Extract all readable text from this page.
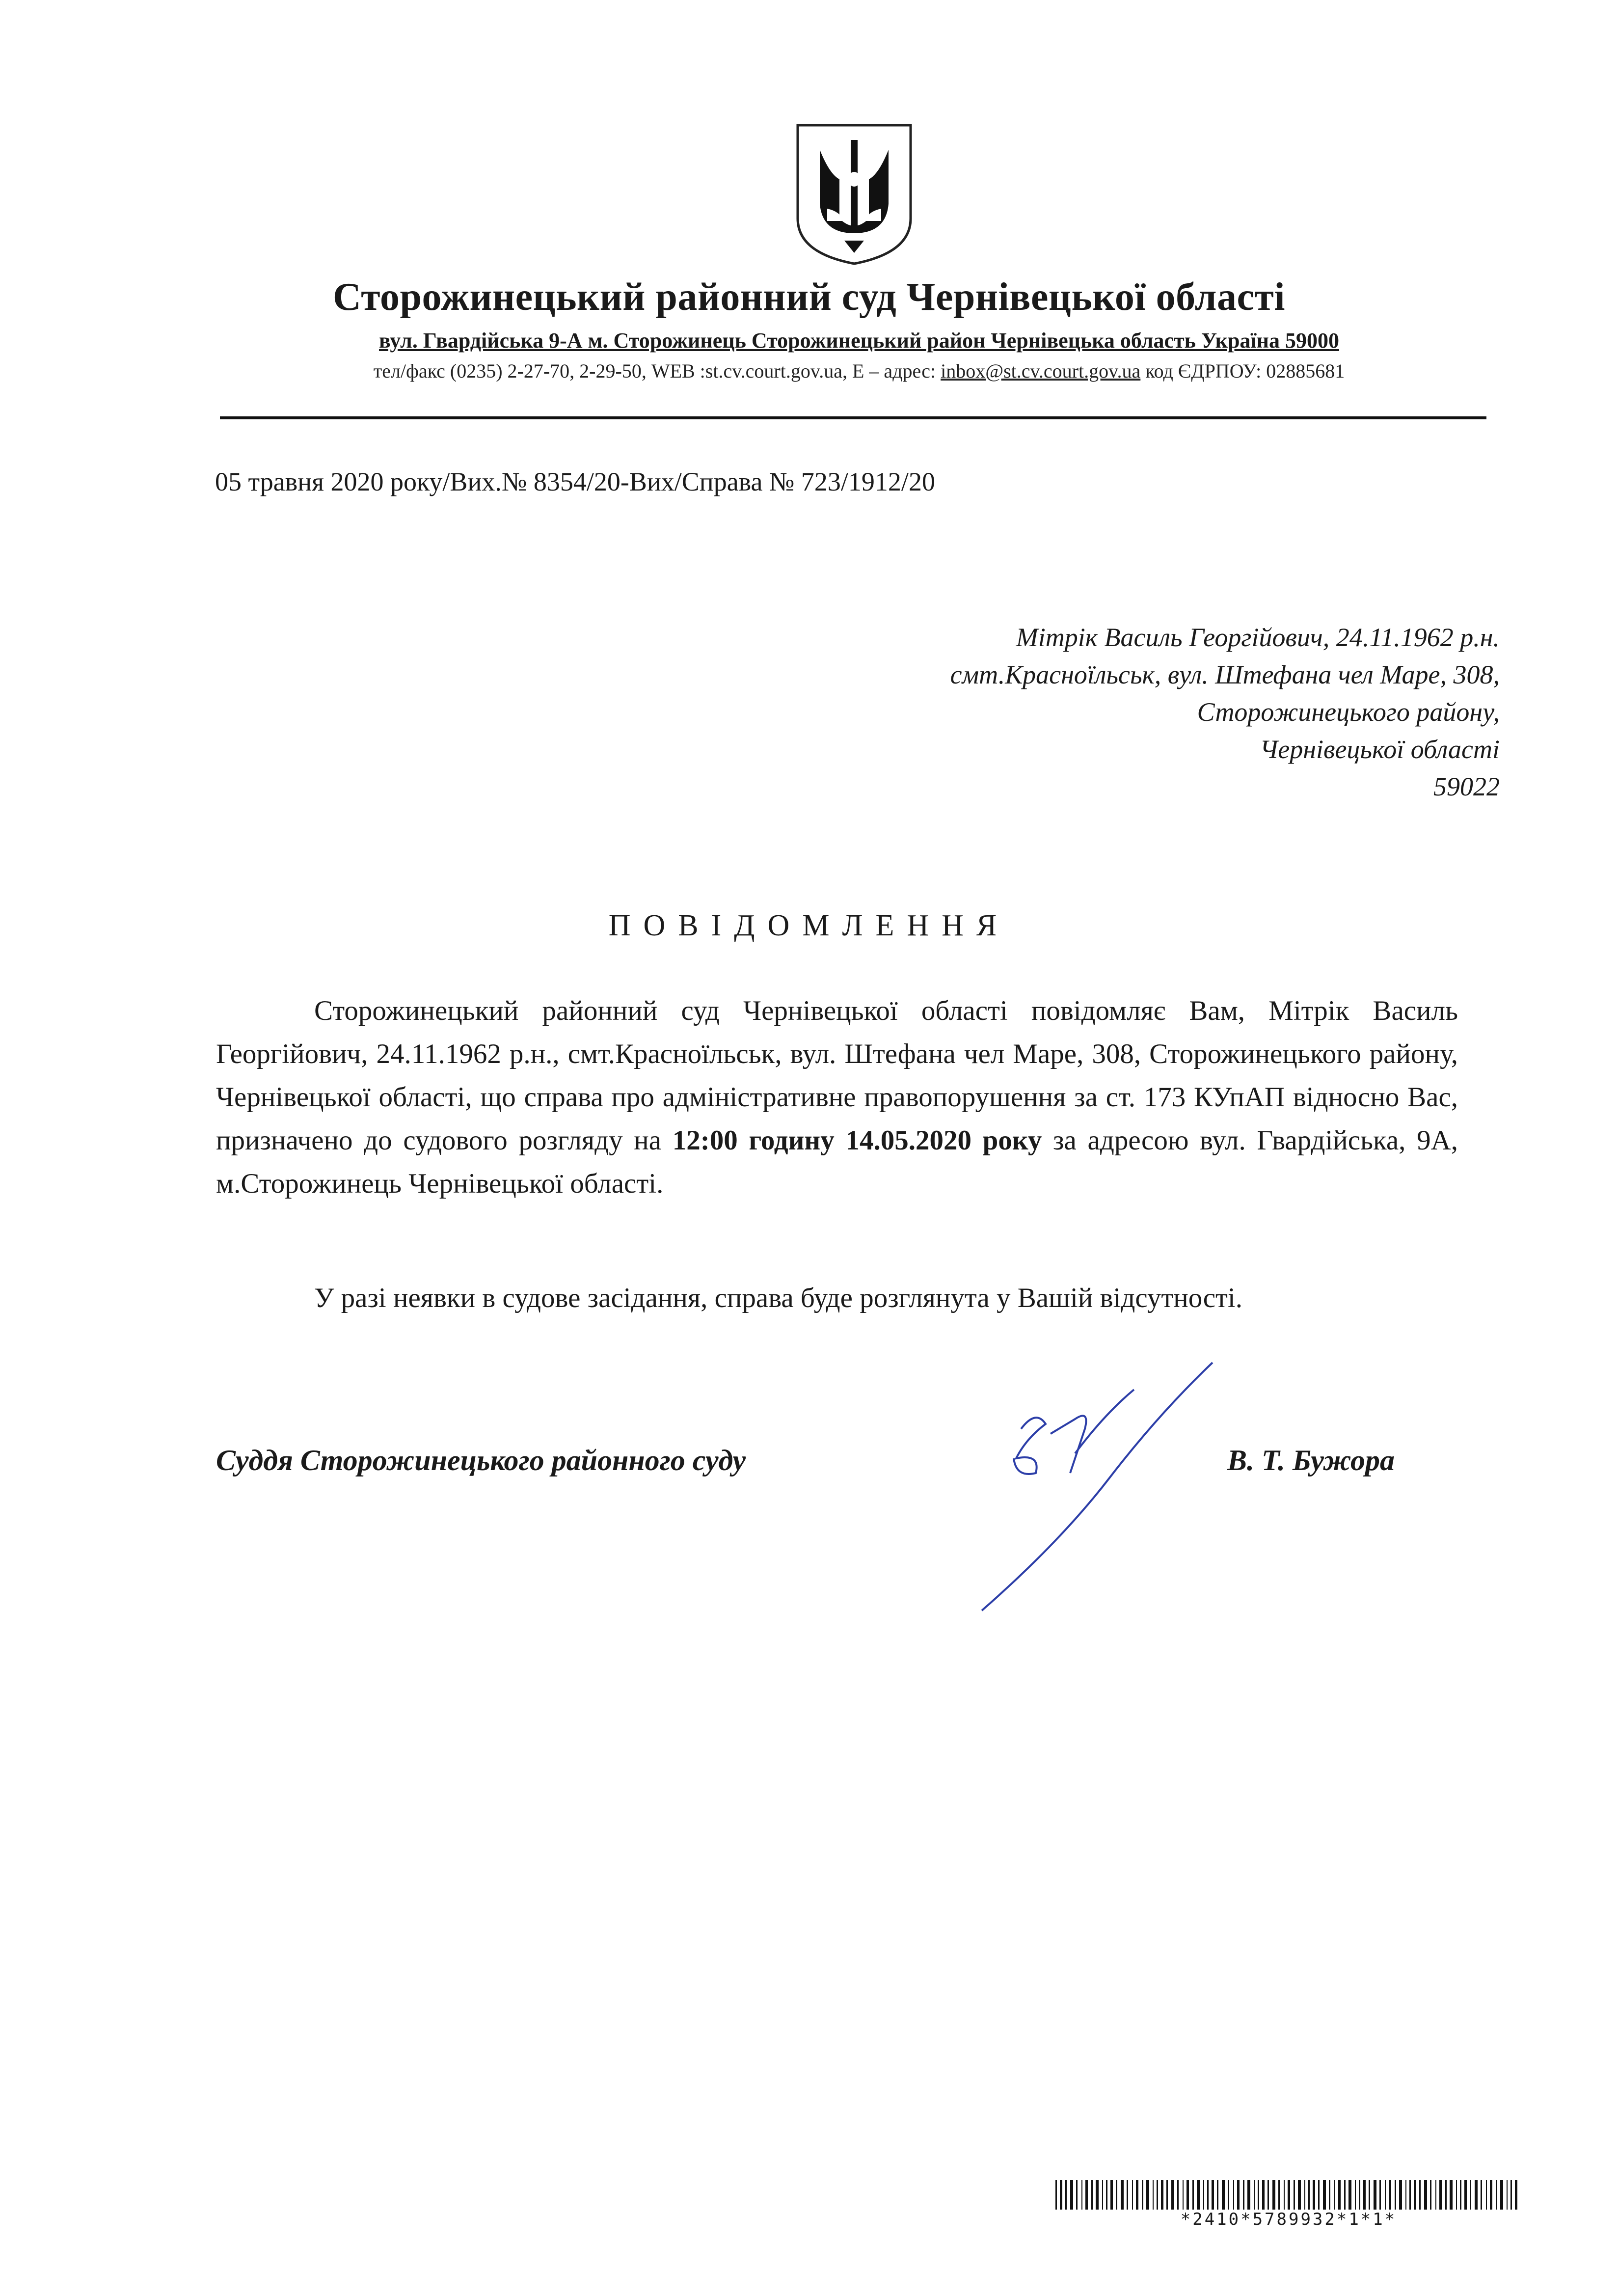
Сторожинецький районний суд Чернівецької області
вул. Гвардійська 9-А м. Сторожинець Сторожинецький район Чернівецька область Україна 59000
тел/факс (0235) 2-27-70, 2-29-50, WEB :st.cv.court.gov.ua, E – адрес: inbox@st.cv.court.gov.ua код ЄДРПОУ: 02885681
05 травня 2020 року/Вих.№ 8354/20-Вих/Справа № 723/1912/20
Мітрік Василь Георгійович, 24.11.1962 р.н.
смт.Красноїльськ, вул. Штефана чел Маре, 308,
Сторожинецького району,
Чернівецької області
59022
ПОВІДОМЛЕННЯ
Сторожинецький районний суд Чернівецької області повідомляє Вам, Мітрік Василь Георгійович, 24.11.1962 р.н., смт.Красноїльськ, вул. Штефана чел Маре, 308, Сторожинецького району, Чернівецької області, що справа про адміністративне правопорушення за ст. 173 КУпАП відносно Вас, призначено до судового розгляду на 12:00 годину 14.05.2020 року за адресою вул. Гвардійська, 9А, м.Сторожинець Чернівецької області.
У разі неявки в судове засідання, справа буде розглянута у Вашій відсутності.
Суддя Сторожинецького районного суду	В. Т. Бужора
*2410*5789932*1*1*
